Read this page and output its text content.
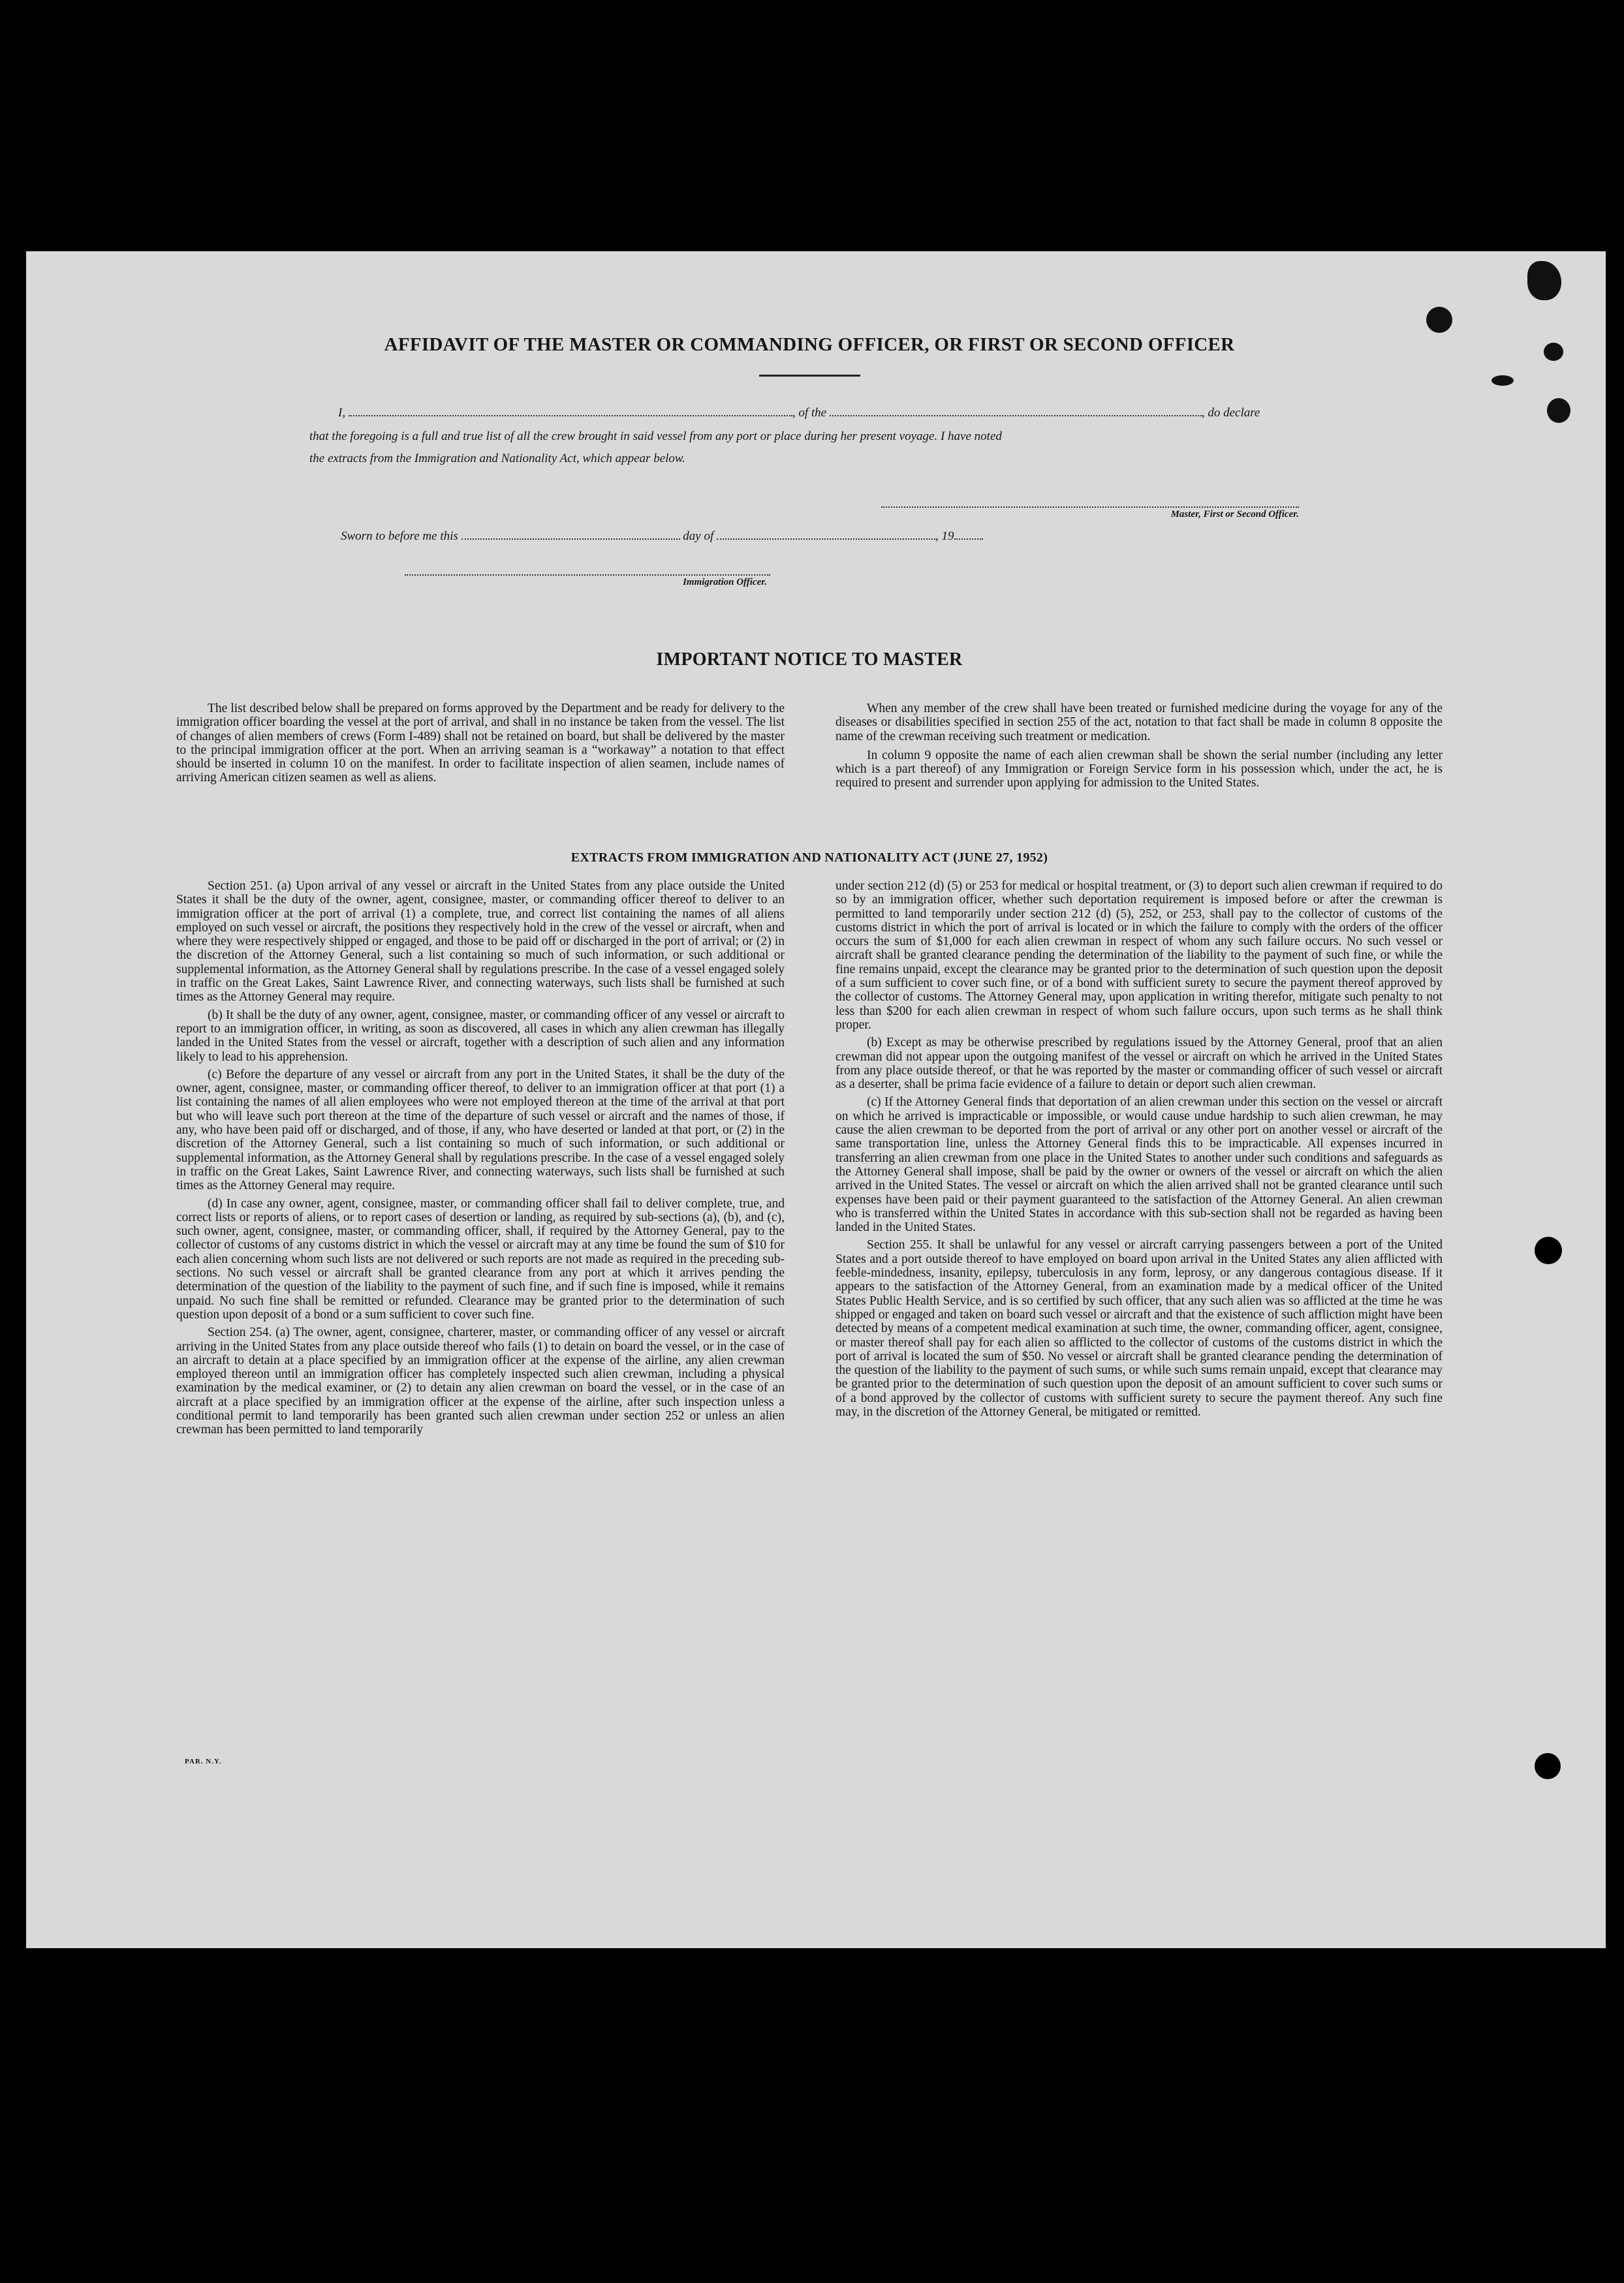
AFFIDAVIT OF THE MASTER OR COMMANDING OFFICER, OR FIRST OR SECOND OFFICER
I,	, of the	, do declare
that the foregoing is a full and true list of all the crew brought in said vessel from any port or place during her present voyage. I have noted
the extracts from the Immigration and Nationality Act, which appear below.
Master, First or Second Officer.
Sworn to before me this	day of	, 19
Immigration Officer.
IMPORTANT NOTICE TO MASTER

The list described below shall be prepared on forms approved by the Department and be ready for delivery to the immigration officer boarding the vessel at the port of arrival, and shall in no instance be taken from the vessel. The list of changes of alien members of crews (Form I-489) shall not be retained on board, but shall be delivered by the master to the principal immigration officer at the port. When an arriving seaman is a “workaway” a notation to that effect should be inserted in column 10 on the manifest. In order to facilitate inspection of alien seamen, include names of arriving American citizen seamen as well as aliens.

When any member of the crew shall have been treated or furnished medicine during the voyage for any of the diseases or disabilities specified in section 255 of the act, notation to that fact shall be made in column 8 opposite the name of the crewman receiving such treatment or medication.

In column 9 opposite the name of each alien crewman shall be shown the serial number (including any letter which is a part thereof) of any Immigration or Foreign Service form in his possession which, under the act, he is required to present and surrender upon applying for admission to the United States.

EXTRACTS FROM IMMIGRATION AND NATIONALITY ACT (JUNE 27, 1952)

Section 251. (a) Upon arrival of any vessel or aircraft in the United States from any place outside the United States it shall be the duty of the owner, agent, consignee, master, or commanding officer thereof to deliver to an immigration officer at the port of arrival (1) a complete, true, and correct list containing the names of all aliens employed on such vessel or aircraft, the positions they respectively hold in the crew of the vessel or aircraft, when and where they were respectively shipped or engaged, and those to be paid off or discharged in the port of arrival; or (2) in the discretion of the Attorney General, such a list containing so much of such information, or such additional or supplemental information, as the Attorney General shall by regulations prescribe. In the case of a vessel engaged solely in traffic on the Great Lakes, Saint Lawrence River, and connecting waterways, such lists shall be furnished at such times as the Attorney General may require.

(b) It shall be the duty of any owner, agent, consignee, master, or commanding officer of any vessel or aircraft to report to an immigration officer, in writing, as soon as discovered, all cases in which any alien crewman has illegally landed in the United States from the vessel or aircraft, together with a description of such alien and any information likely to lead to his apprehension.

(c) Before the departure of any vessel or aircraft from any port in the United States, it shall be the duty of the owner, agent, consignee, master, or commanding officer thereof, to deliver to an immigration officer at that port (1) a list containing the names of all alien employees who were not employed thereon at the time of the arrival at that port but who will leave such port thereon at the time of the departure of such vessel or aircraft and the names of those, if any, who have been paid off or discharged, and of those, if any, who have deserted or landed at that port, or (2) in the discretion of the Attorney General, such a list containing so much of such information, or such additional or supplemental information, as the Attorney General shall by regulations prescribe. In the case of a vessel engaged solely in traffic on the Great Lakes, Saint Lawrence River, and connecting waterways, such lists shall be furnished at such times as the Attorney General may require.

(d) In case any owner, agent, consignee, master, or commanding officer shall fail to deliver complete, true, and correct lists or reports of aliens, or to report cases of desertion or landing, as required by sub-sections (a), (b), and (c), such owner, agent, consignee, master, or commanding officer, shall, if required by the Attorney General, pay to the collector of customs of any customs district in which the vessel or aircraft may at any time be found the sum of $10 for each alien concerning whom such lists are not delivered or such reports are not made as required in the preceding sub-sections. No such vessel or aircraft shall be granted clearance from any port at which it arrives pending the determination of the question of the liability to the payment of such fine, and if such fine is imposed, while it remains unpaid. No such fine shall be remitted or refunded. Clearance may be granted prior to the determination of such question upon deposit of a bond or a sum sufficient to cover such fine.

Section 254. (a) The owner, agent, consignee, charterer, master, or commanding officer of any vessel or aircraft arriving in the United States from any place outside thereof who fails (1) to detain on board the vessel, or in the case of an aircraft to detain at a place specified by an immigration officer at the expense of the airline, any alien crewman employed thereon until an immigration officer has completely inspected such alien crewman, including a physical examination by the medical examiner, or (2) to detain any alien crewman on board the vessel, or in the case of an aircraft at a place specified by an immigration officer at the expense of the airline, after such inspection unless a conditional permit to land temporarily has been granted such alien crewman under section 252 or unless an alien crewman has been permitted to land temporarily

under section 212 (d) (5) or 253 for medical or hospital treatment, or (3) to deport such alien crewman if required to do so by an immigration officer, whether such deportation requirement is imposed before or after the crewman is permitted to land temporarily under section 212 (d) (5), 252, or 253, shall pay to the collector of customs of the customs district in which the port of arrival is located or in which the failure to comply with the orders of the officer occurs the sum of $1,000 for each alien crewman in respect of whom any such failure occurs. No such vessel or aircraft shall be granted clearance pending the determination of the liability to the payment of such fine, or while the fine remains unpaid, except the clearance may be granted prior to the determination of such question upon the deposit of a sum sufficient to cover such fine, or of a bond with sufficient surety to secure the payment thereof approved by the collector of customs. The Attorney General may, upon application in writing therefor, mitigate such penalty to not less than $200 for each alien crewman in respect of whom such failure occurs, upon such terms as he shall think proper.

(b) Except as may be otherwise prescribed by regulations issued by the Attorney General, proof that an alien crewman did not appear upon the outgoing manifest of the vessel or aircraft on which he arrived in the United States from any place outside thereof, or that he was reported by the master or commanding officer of such vessel or aircraft as a deserter, shall be prima facie evidence of a failure to detain or deport such alien crewman.

(c) If the Attorney General finds that deportation of an alien crewman under this section on the vessel or aircraft on which he arrived is impracticable or impossible, or would cause undue hardship to such alien crewman, he may cause the alien crewman to be deported from the port of arrival or any other port on another vessel or aircraft of the same transportation line, unless the Attorney General finds this to be impracticable. All expenses incurred in transferring an alien crewman from one place in the United States to another under such conditions and safeguards as the Attorney General shall impose, shall be paid by the owner or owners of the vessel or aircraft on which the alien arrived in the United States. The vessel or aircraft on which the alien arrived shall not be granted clearance until such expenses have been paid or their payment guaranteed to the satisfaction of the Attorney General. An alien crewman who is transferred within the United States in accordance with this sub-section shall not be regarded as having been landed in the United States.

Section 255. It shall be unlawful for any vessel or aircraft carrying passengers between a port of the United States and a port outside thereof to have employed on board upon arrival in the United States any alien afflicted with feeble-mindedness, insanity, epilepsy, tuberculosis in any form, leprosy, or any dangerous contagious disease. If it appears to the satisfaction of the Attorney General, from an examination made by a medical officer of the United States Public Health Service, and is so certified by such officer, that any such alien was so afflicted at the time he was shipped or engaged and taken on board such vessel or aircraft and that the existence of such affliction might have been detected by means of a competent medical examination at such time, the owner, commanding officer, agent, consignee, or master thereof shall pay for each alien so afflicted to the collector of customs of the customs district in which the port of arrival is located the sum of $50. No vessel or aircraft shall be granted clearance pending the determination of the question of the liability to the payment of such sums, or while such sums remain unpaid, except that clearance may be granted prior to the determination of such question upon the deposit of an amount sufficient to cover such sums or of a bond approved by the collector of customs with sufficient surety to secure the payment thereof. Any such fine may, in the discretion of the Attorney General, be mitigated or remitted.

PAR. N.Y.
